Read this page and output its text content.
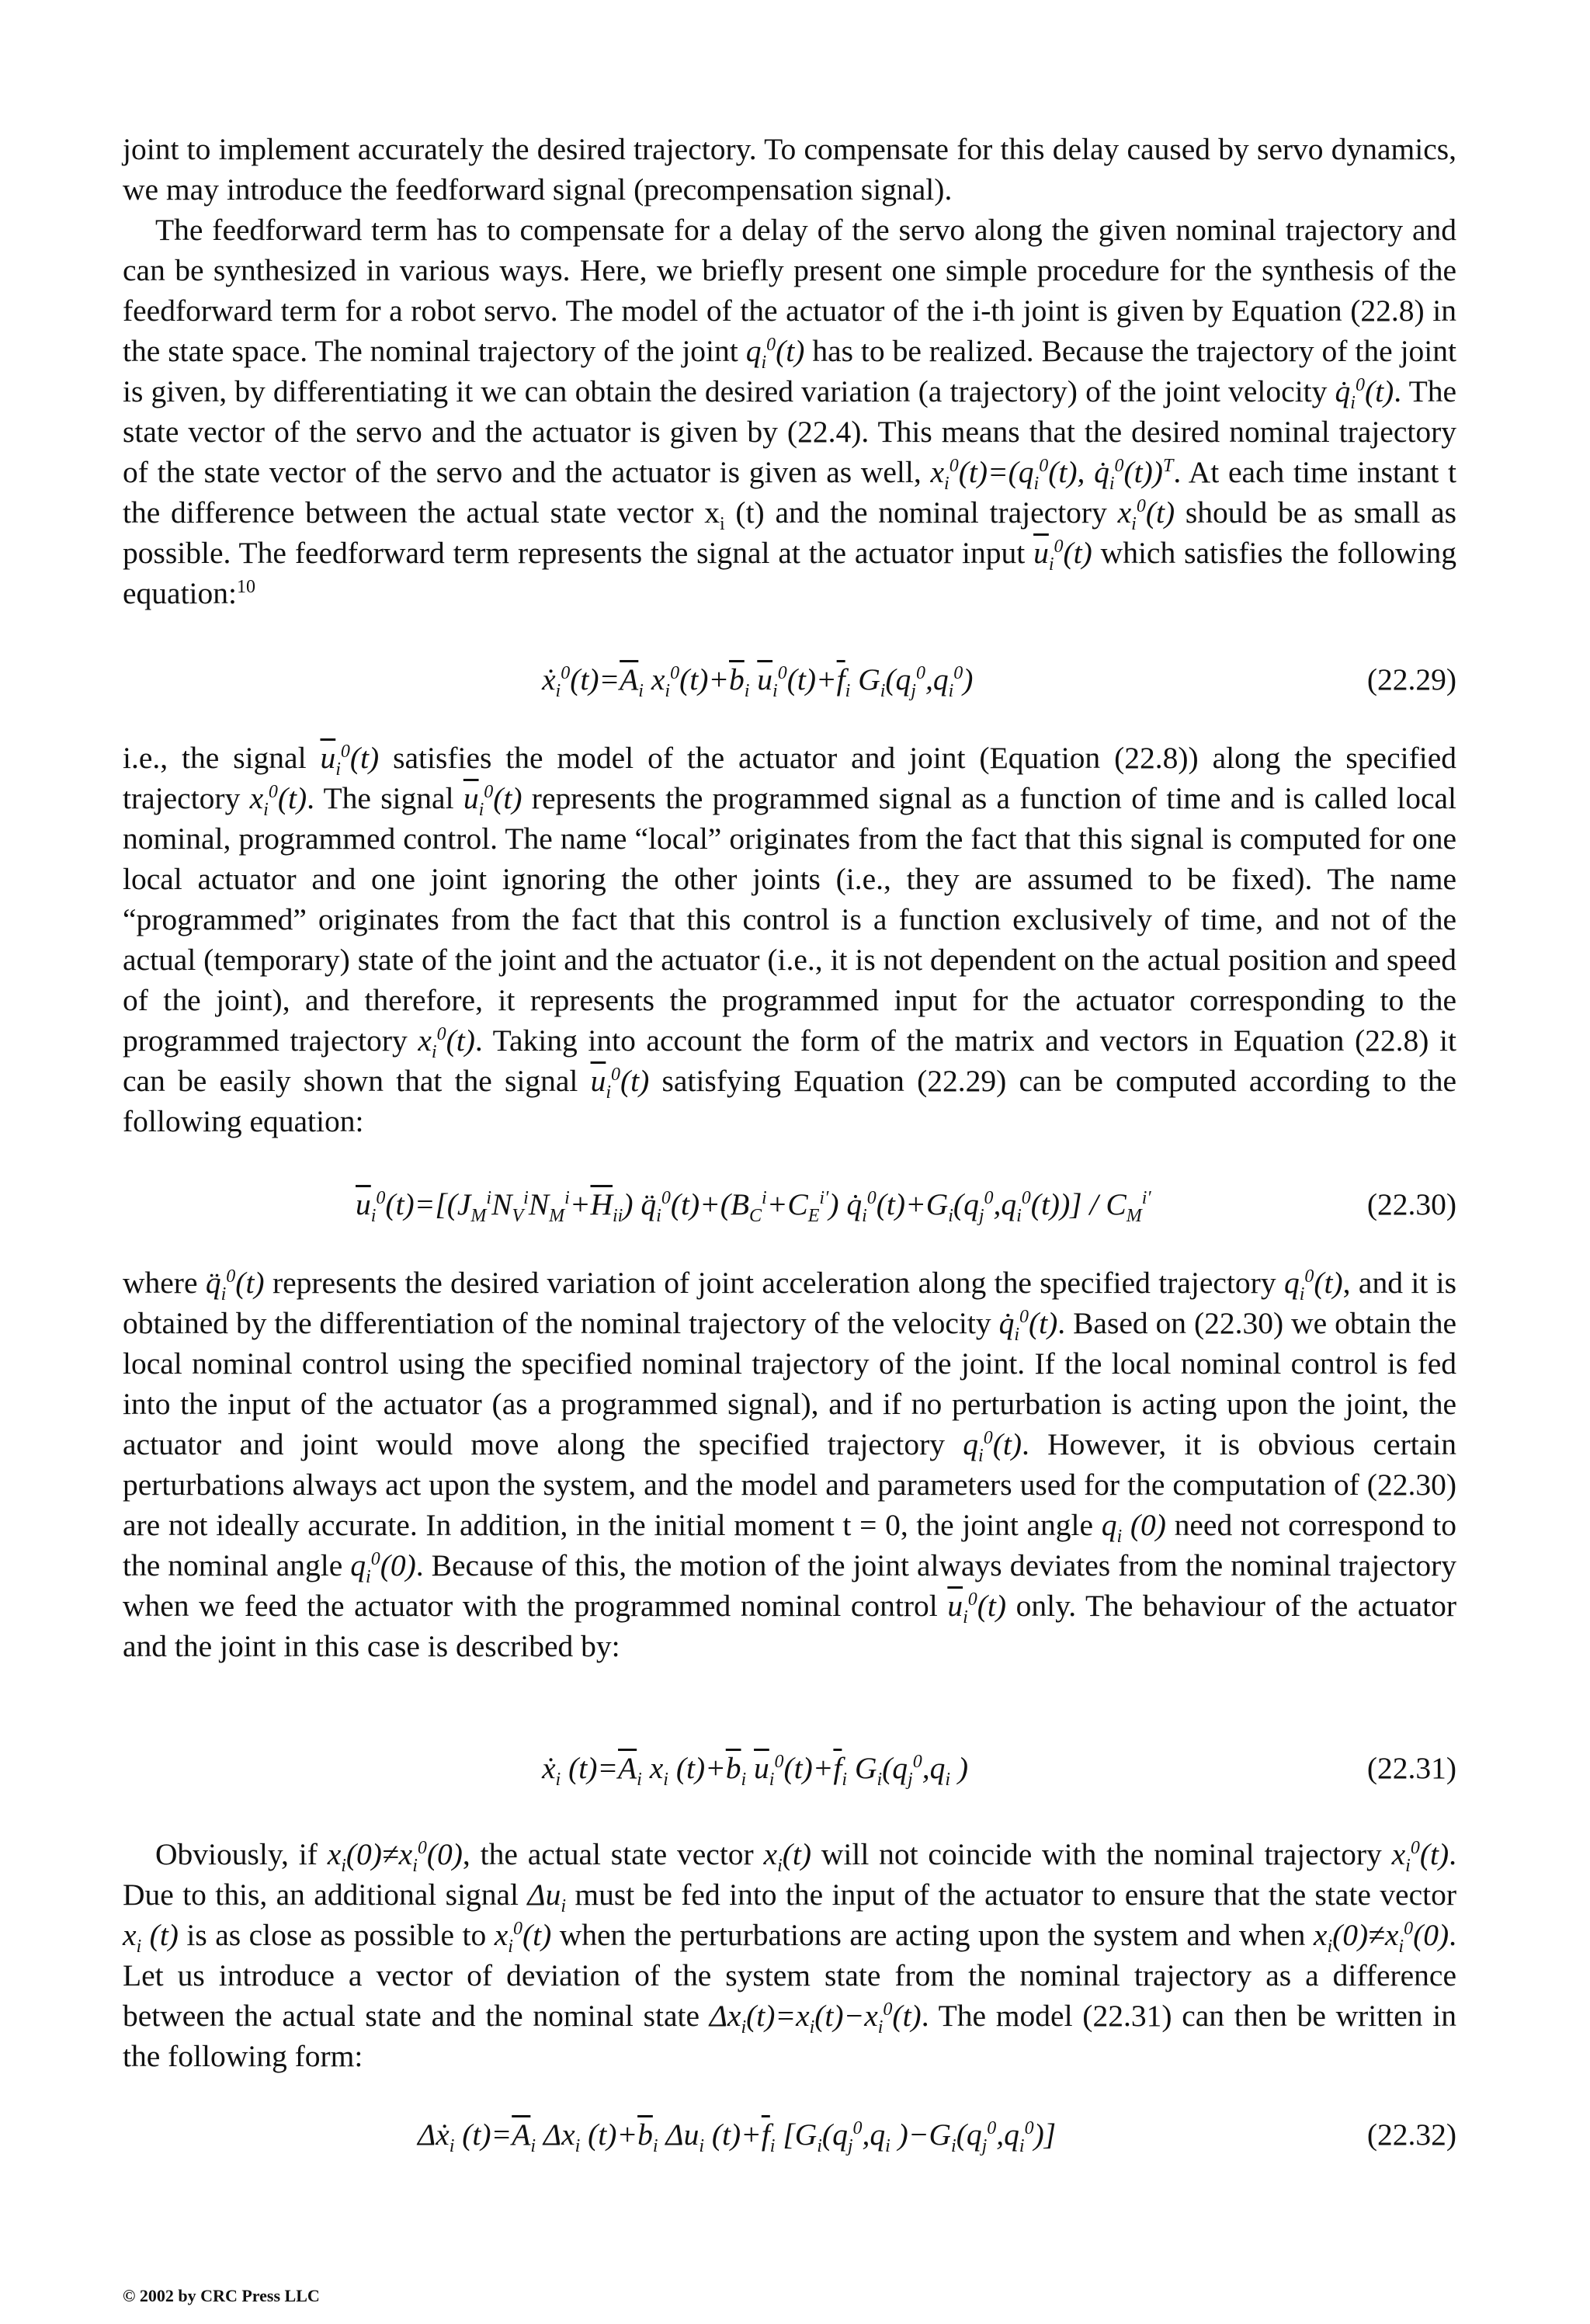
joint to implement accurately the desired trajectory. To compensate for this delay caused by servo dynamics, we may introduce the feedforward signal (precompensation signal).

The feedforward term has to compensate for a delay of the servo along the given nominal trajectory and can be synthesized in various ways. Here, we briefly present one simple procedure for the synthesis of the feedforward term for a robot servo. The model of the actuator of the i-th joint is given by Equation (22.8) in the state space. The nominal trajectory of the joint $q_i^0(t)$ has to be realized. Because the trajectory of the joint is given, by differentiating it we can obtain the desired variation (a trajectory) of the joint velocity $q̇_i^0(t)$. The state vector of the servo and the actuator is given by (22.4). This means that the desired nominal trajectory of the state vector of the servo and the actuator is given as well, $x_i^0(t)=(q_i^0(t)$, $q̇_i^0(t))^T$. At each time instant t the difference between the actual state vector $x_i$ (t) and the nominal trajectory $x_i^0(t)$ should be as small as possible. The feedforward term represents the signal at the actuator input $\overline{u}_i^0(t)$ which satisfies the following equation:$^{10}$

$ẋ_i^0(t)=\overline{A}_i$ $x_i^0(t)+\overline{b}_i$ $\overline{u}_i^0(t)+\overline{f}_i$ $G_i(q_j^0,q_i^0)$	(22.29)

i.e., the signal $\overline{u}_i^0(t)$ satisfies the model of the actuator and joint (Equation (22.8)) along the specified trajectory $x_i^0(t)$. The signal $\overline{u}_i^0(t)$ represents the programmed signal as a function of time and is called local nominal, programmed control. The name “local” originates from the fact that this signal is computed for one local actuator and one joint ignoring the other joints (i.e., they are assumed to be fixed). The name “programmed” originates from the fact that this control is a function exclusively of time, and not of the actual (temporary) state of the joint and the actuator (i.e., it is not dependent on the actual position and speed of the joint), and therefore, it represents the programmed input for the actuator corresponding to the programmed trajectory $x_i^0(t)$. Taking into account the form of the matrix and vectors in Equation (22.8) it can be easily shown that the signal $\overline{u}_i^0(t)$ satisfying Equation (22.29) can be computed according to the following equation:

$\overline{u}_i^0(t)=[(J_M^iN_V^iN_M^i+\overline{H}_{ii})$ $q̈_i^0(t)+(B_C^i+C_E^{i'})$ $q̇_i^0(t)+G_i(q_j^0,q_i^0(t))] / C_M^{i'}$	(22.30)

where $q̈_i^0(t)$ represents the desired variation of joint acceleration along the specified trajectory $q_i^0(t)$, and it is obtained by the differentiation of the nominal trajectory of the velocity $q̇_i^0(t)$. Based on (22.30) we obtain the local nominal control using the specified nominal trajectory of the joint. If the local nominal control is fed into the input of the actuator (as a programmed signal), and if no perturbation is acting upon the joint, the actuator and joint would move along the specified trajectory $q_i^0(t)$. However, it is obvious certain perturbations always act upon the system, and the model and parameters used for the computation of (22.30) are not ideally accurate. In addition, in the initial moment t = 0, the joint angle $q_i$ (0) need not correspond to the nominal angle $q_i^0(0)$. Because of this, the motion of the joint always deviates from the nominal trajectory when we feed the actuator with the programmed nominal control $\overline{u}_i^0(t)$ only. The behaviour of the actuator and the joint in this case is described by:

ẋ$_i$ $(t)=\overline{A}_i$ $x_i$ $(t)+\overline{b}_i$ $\overline{u}_i^0(t)+\overline{f}_i$ $G_i(q_j^0,q_i$ )	(22.31)

Obviously, if $x_i(0)\ne x_i^0(0)$, the actual state vector $x_i(t)$ will not coincide with the nominal trajectory $x_i^0(t)$. Due to this, an additional signal $\Delta u_i$ must be fed into the input of the actuator to ensure that the state vector $x_i$ (t) is as close as possible to $x_i^0(t)$ when the perturbations are acting upon the system and when $x_i(0)\ne x_i^0(0)$. Let us introduce a vector of deviation of the system state from the nominal trajectory as a difference between the actual state and the nominal state $\Delta x_i(t)=x_i(t)-x_i^0(t)$. The model (22.31) can then be written in the following form:

Δẋ$_i$ $(t)=\overline{A}_i$ $\Delta x_i$ $(t)+\overline{b}_i$ $\Delta u_i$ $(t)+\overline{f}_i$ [$G_i(q_j^0,q_i$ )$-G_i(q_j^0,q_i^0)$]	(22.32)
© 2002 by CRC Press LLC
